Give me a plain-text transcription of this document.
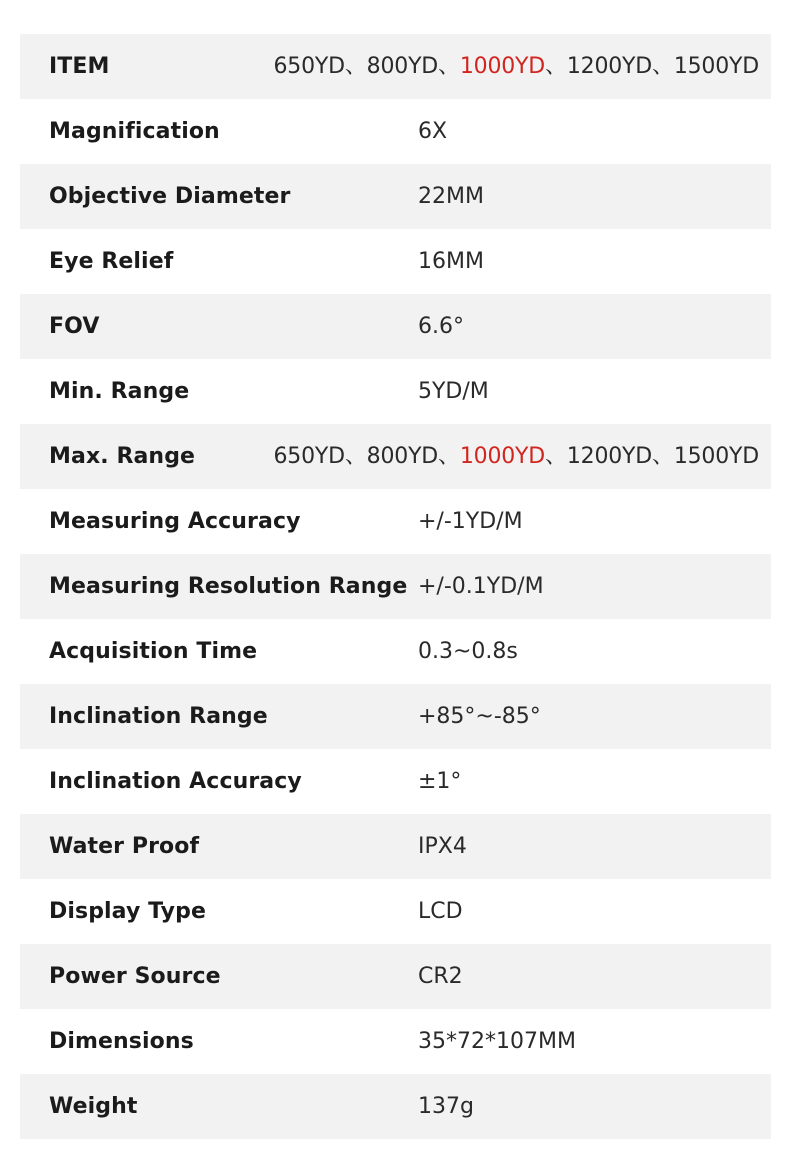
ITEM	650YD、800YD、1000YD、1200YD、1500YD
Magnification	6X
Objective Diameter	22MM
Eye Relief	16MM
FOV	6.6°
Min. Range	5YD/M
Max. Range	650YD、800YD、1000YD、1200YD、1500YD
Measuring Accuracy	+/-1YD/M
Measuring Resolution Range +/-0.1YD/M
Acquisition Time	0.3~0.8s
Inclination Range	+85°~-85°
Inclination Accuracy	±1°
Water Proof	IPX4
Display Type	LCD
Power Source	CR2
Dimensions	35*72*107MM
Weight	137g
